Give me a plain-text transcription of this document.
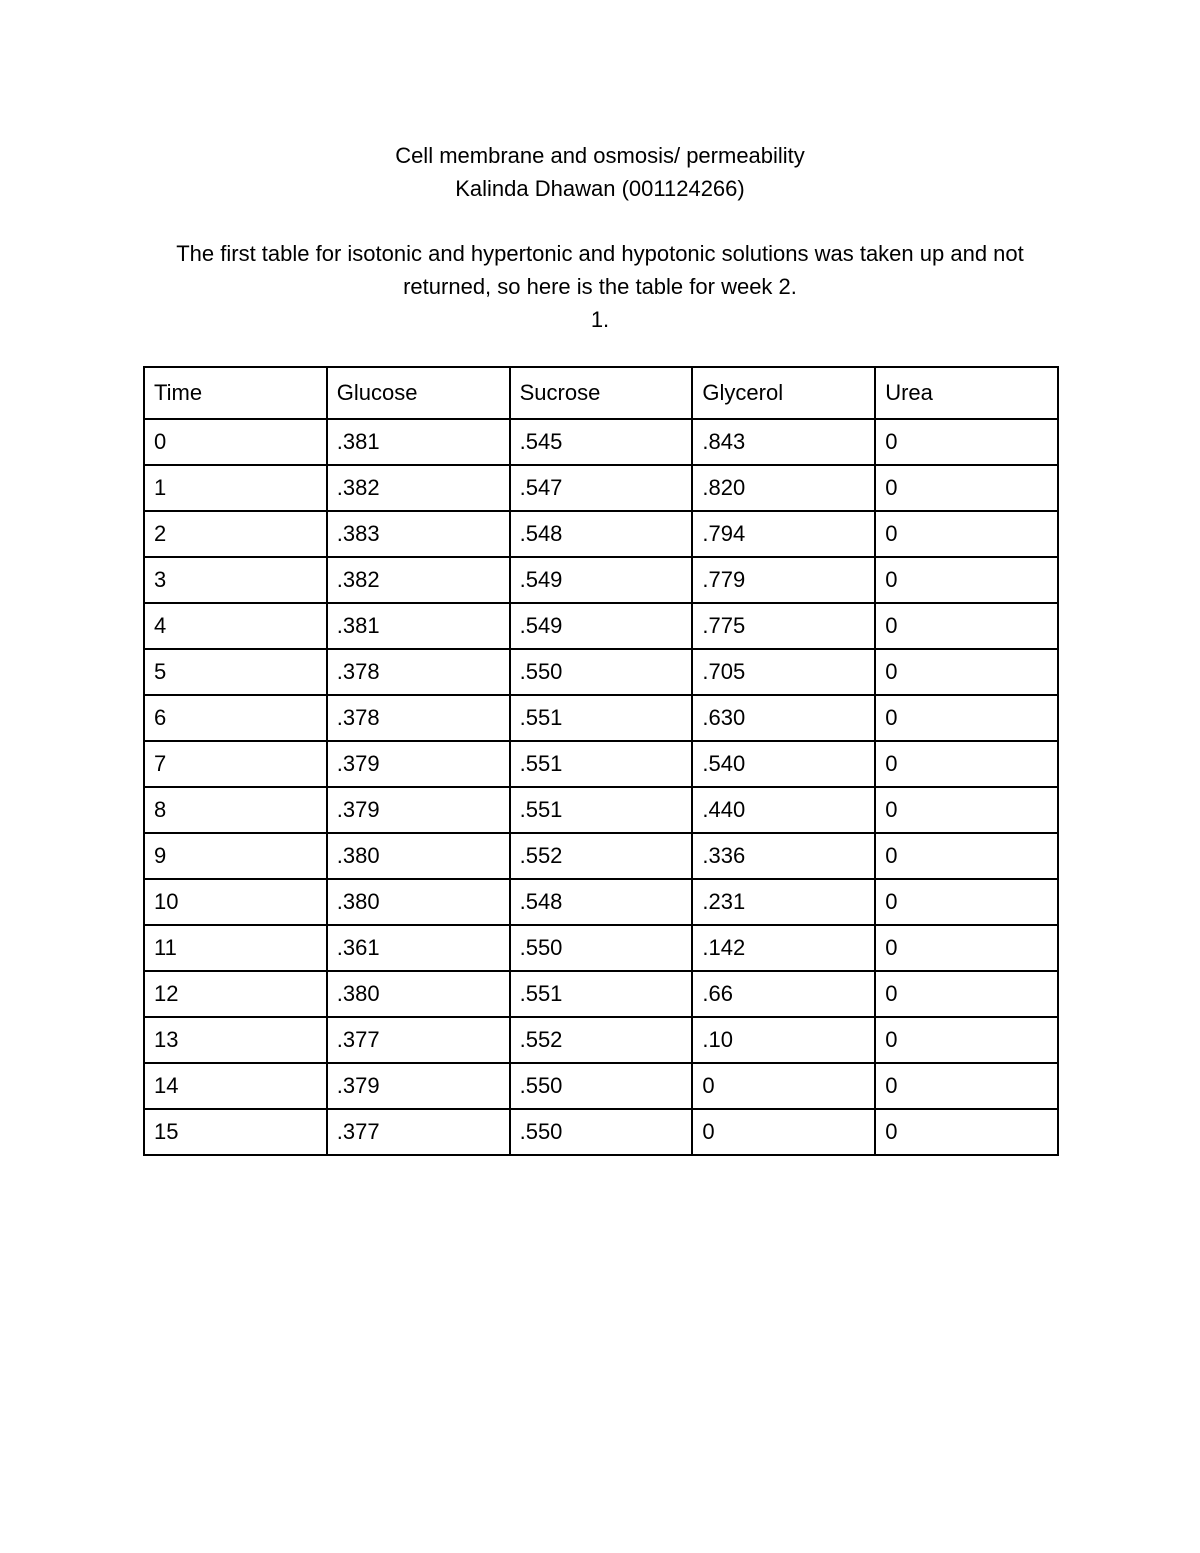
Cell membrane and osmosis/ permeability
Kalinda Dhawan (001124266)
The first table for isotonic and hypertonic and hypotonic solutions was taken up and not returned, so here is the table for week 2.
1.
Time	Glucose	Sucrose	Glycerol	Urea
0	.381	.545	.843	0
1	.382	.547	.820	0
2	.383	.548	.794	0
3	.382	.549	.779	0
4	.381	.549	.775	0
5	.378	.550	.705	0
6	.378	.551	.630	0
7	.379	.551	.540	0
8	.379	.551	.440	0
9	.380	.552	.336	0
10	.380	.548	.231	0
11	.361	.550	.142	0
12	.380	.551	.66	0
13	.377	.552	.10	0
14	.379	.550	0	0
15	.377	.550	0	0
